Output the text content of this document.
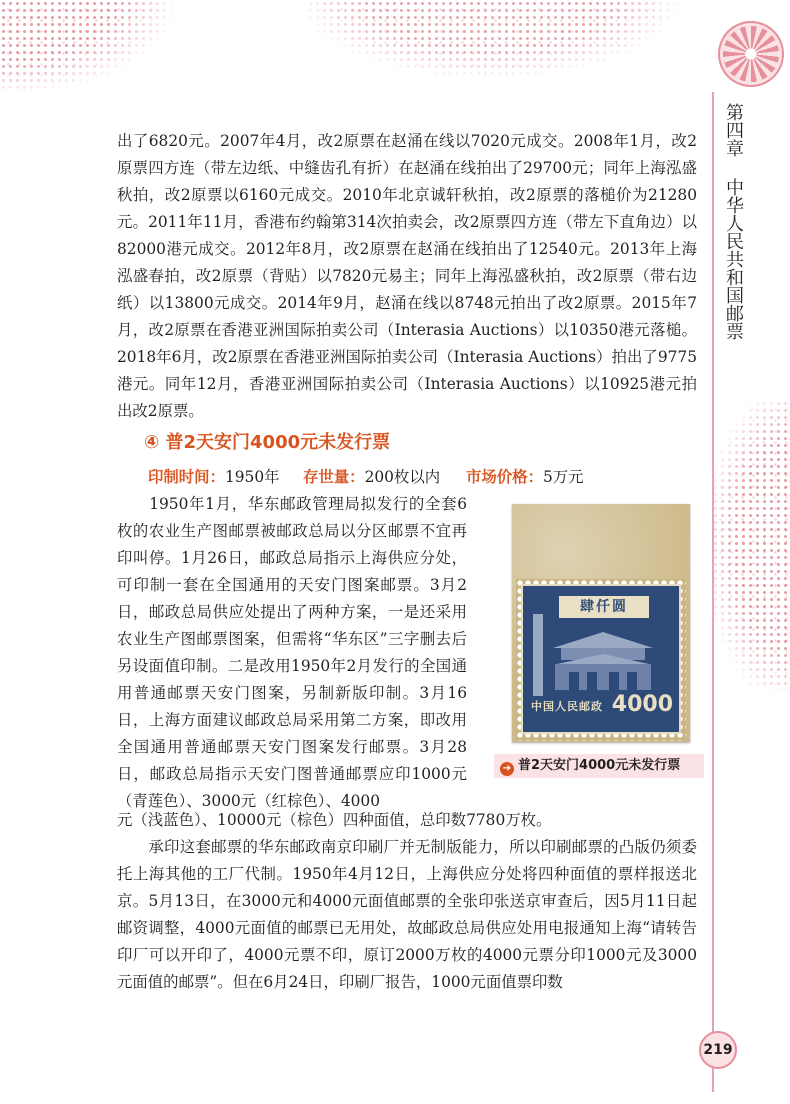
第四章 中华人民共和国邮票

出了6820元。2007年4月，改2原票在赵涌在线以7020元成交。2008年1月，改2原票四方连（带左边纸、中缝齿孔有折）在赵涌在线拍出了29700元；同年上海泓盛秋拍，改2原票以6160元成交。2010年北京诚轩秋拍，改2原票的落槌价为21280元。2011年11月，香港布约翰第314次拍卖会，改2原票四方连（带左下直角边）以82000港元成交。2012年8月，改2原票在赵涌在线拍出了12540元。2013年上海泓盛春拍，改2原票（背贴）以7820元易主；同年上海泓盛秋拍，改2原票（带右边纸）以13800元成交。2014年9月，赵涌在线以8748元拍出了改2原票。2015年7月，改2原票在香港亚洲国际拍卖公司（Interasia Auctions）以10350港元落槌。2018年6月，改2原票在香港亚洲国际拍卖公司（Interasia Auctions）拍出了9775港元。同年12月，香港亚洲国际拍卖公司（Interasia Auctions）以10925港元拍出改2原票。

④ 普2天安门4000元未发行票
印制时间：1950年 存世量：200枚以内 市场价格：5万元

　　1950年1月，华东邮政管理局拟发行的全套6枚的农业生产图邮票被邮政总局以分区邮票不宜再印叫停。1月26日，邮政总局指示上海供应分处，可印制一套在全国通用的天安门图案邮票。3月2日，邮政总局供应处提出了两种方案，一是还采用农业生产图邮票图案，但需将“华东区”三字删去后另设面值印制。二是改用1950年2月发行的全国通用普通邮票天安门图案，另制新版印制。3月16日，上海方面建议邮政总局采用第二方案，即改用全国通用普通邮票天安门图案发行邮票。3月28日，邮政总局指示天安门图普通邮票应印1000元（青莲色）、3000元（红棕色）、4000

元（浅蓝色）、10000元（棕色）四种面值，总印数7780万枚。

　　承印这套邮票的华东邮政南京印刷厂并无制版能力，所以印刷邮票的凸版仍须委托上海其他的工厂代制。1950年4月12日，上海供应分处将四种面值的票样报送北京。5月13日，在3000元和4000元面值邮票的全张印张送京审查后，因5月11日起邮资调整，4000元面值的邮票已无用处，故邮政总局供应处用电报通知上海“请转告印厂可以开印了，4000元票不印，原订2000万枚的4000元票分印1000元及3000元面值的邮票”。但在6月24日，印刷厂报告，1000元面值票印数

肆仟圆
中国人民邮政 4000
➔ 普2天安门4000元未发行票
219
